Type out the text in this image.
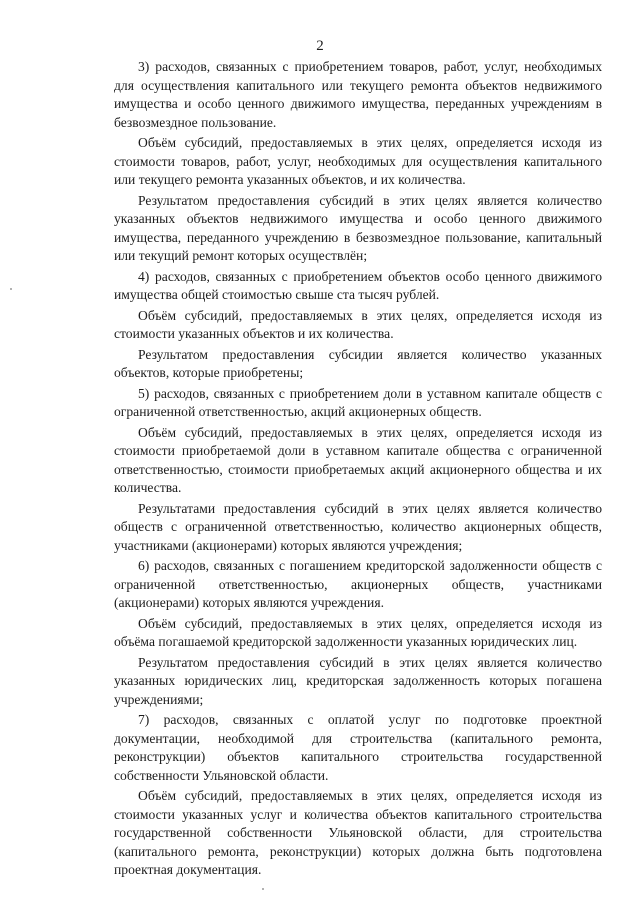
2

3) расходов, связанных с приобретением товаров, работ, услуг, необходимых для осуществления капитального или текущего ремонта объектов недвижимого имущества и особо ценного движимого имущества, переданных учреждениям в безвозмездное пользование.

Объём субсидий, предоставляемых в этих целях, определяется исходя из стоимости товаров, работ, услуг, необходимых для осуществления капитального или текущего ремонта указанных объектов, и их количества.

Результатом предоставления субсидий в этих целях является количество указанных объектов недвижимого имущества и особо ценного движимого имущества, переданного учреждению в безвозмездное пользование, капитальный или текущий ремонт которых осуществлён;

4) расходов, связанных с приобретением объектов особо ценного движимого имущества общей стоимостью свыше ста тысяч рублей.

Объём субсидий, предоставляемых в этих целях, определяется исходя из стоимости указанных объектов и их количества.

Результатом предоставления субсидии является количество указанных объектов, которые приобретены;

5) расходов, связанных с приобретением доли в уставном капитале обществ с ограниченной ответственностью, акций акционерных обществ.

Объём субсидий, предоставляемых в этих целях, определяется исходя из стоимости приобретаемой доли в уставном капитале общества с ограниченной ответственностью, стоимости приобретаемых акций акционерного общества и их количества.

Результатами предоставления субсидий в этих целях является количество обществ с ограниченной ответственностью, количество акционерных обществ, участниками (акционерами) которых являются учреждения;

6) расходов, связанных с погашением кредиторской задолженности обществ с ограниченной ответственностью, акционерных обществ, участниками (акционерами) которых являются учреждения.

Объём субсидий, предоставляемых в этих целях, определяется исходя из объёма погашаемой кредиторской задолженности указанных юридических лиц.

Результатом предоставления субсидий в этих целях является количество указанных юридических лиц, кредиторская задолженность которых погашена учреждениями;

7) расходов, связанных с оплатой услуг по подготовке проектной документации, необходимой для строительства (капитального ремонта, реконструкции) объектов капитального строительства государственной собственности Ульяновской области.

Объём субсидий, предоставляемых в этих целях, определяется исходя из стоимости указанных услуг и количества объектов капитального строительства государственной собственности Ульяновской области, для строительства (капитального ремонта, реконструкции) которых должна быть подготовлена проектная документация.
